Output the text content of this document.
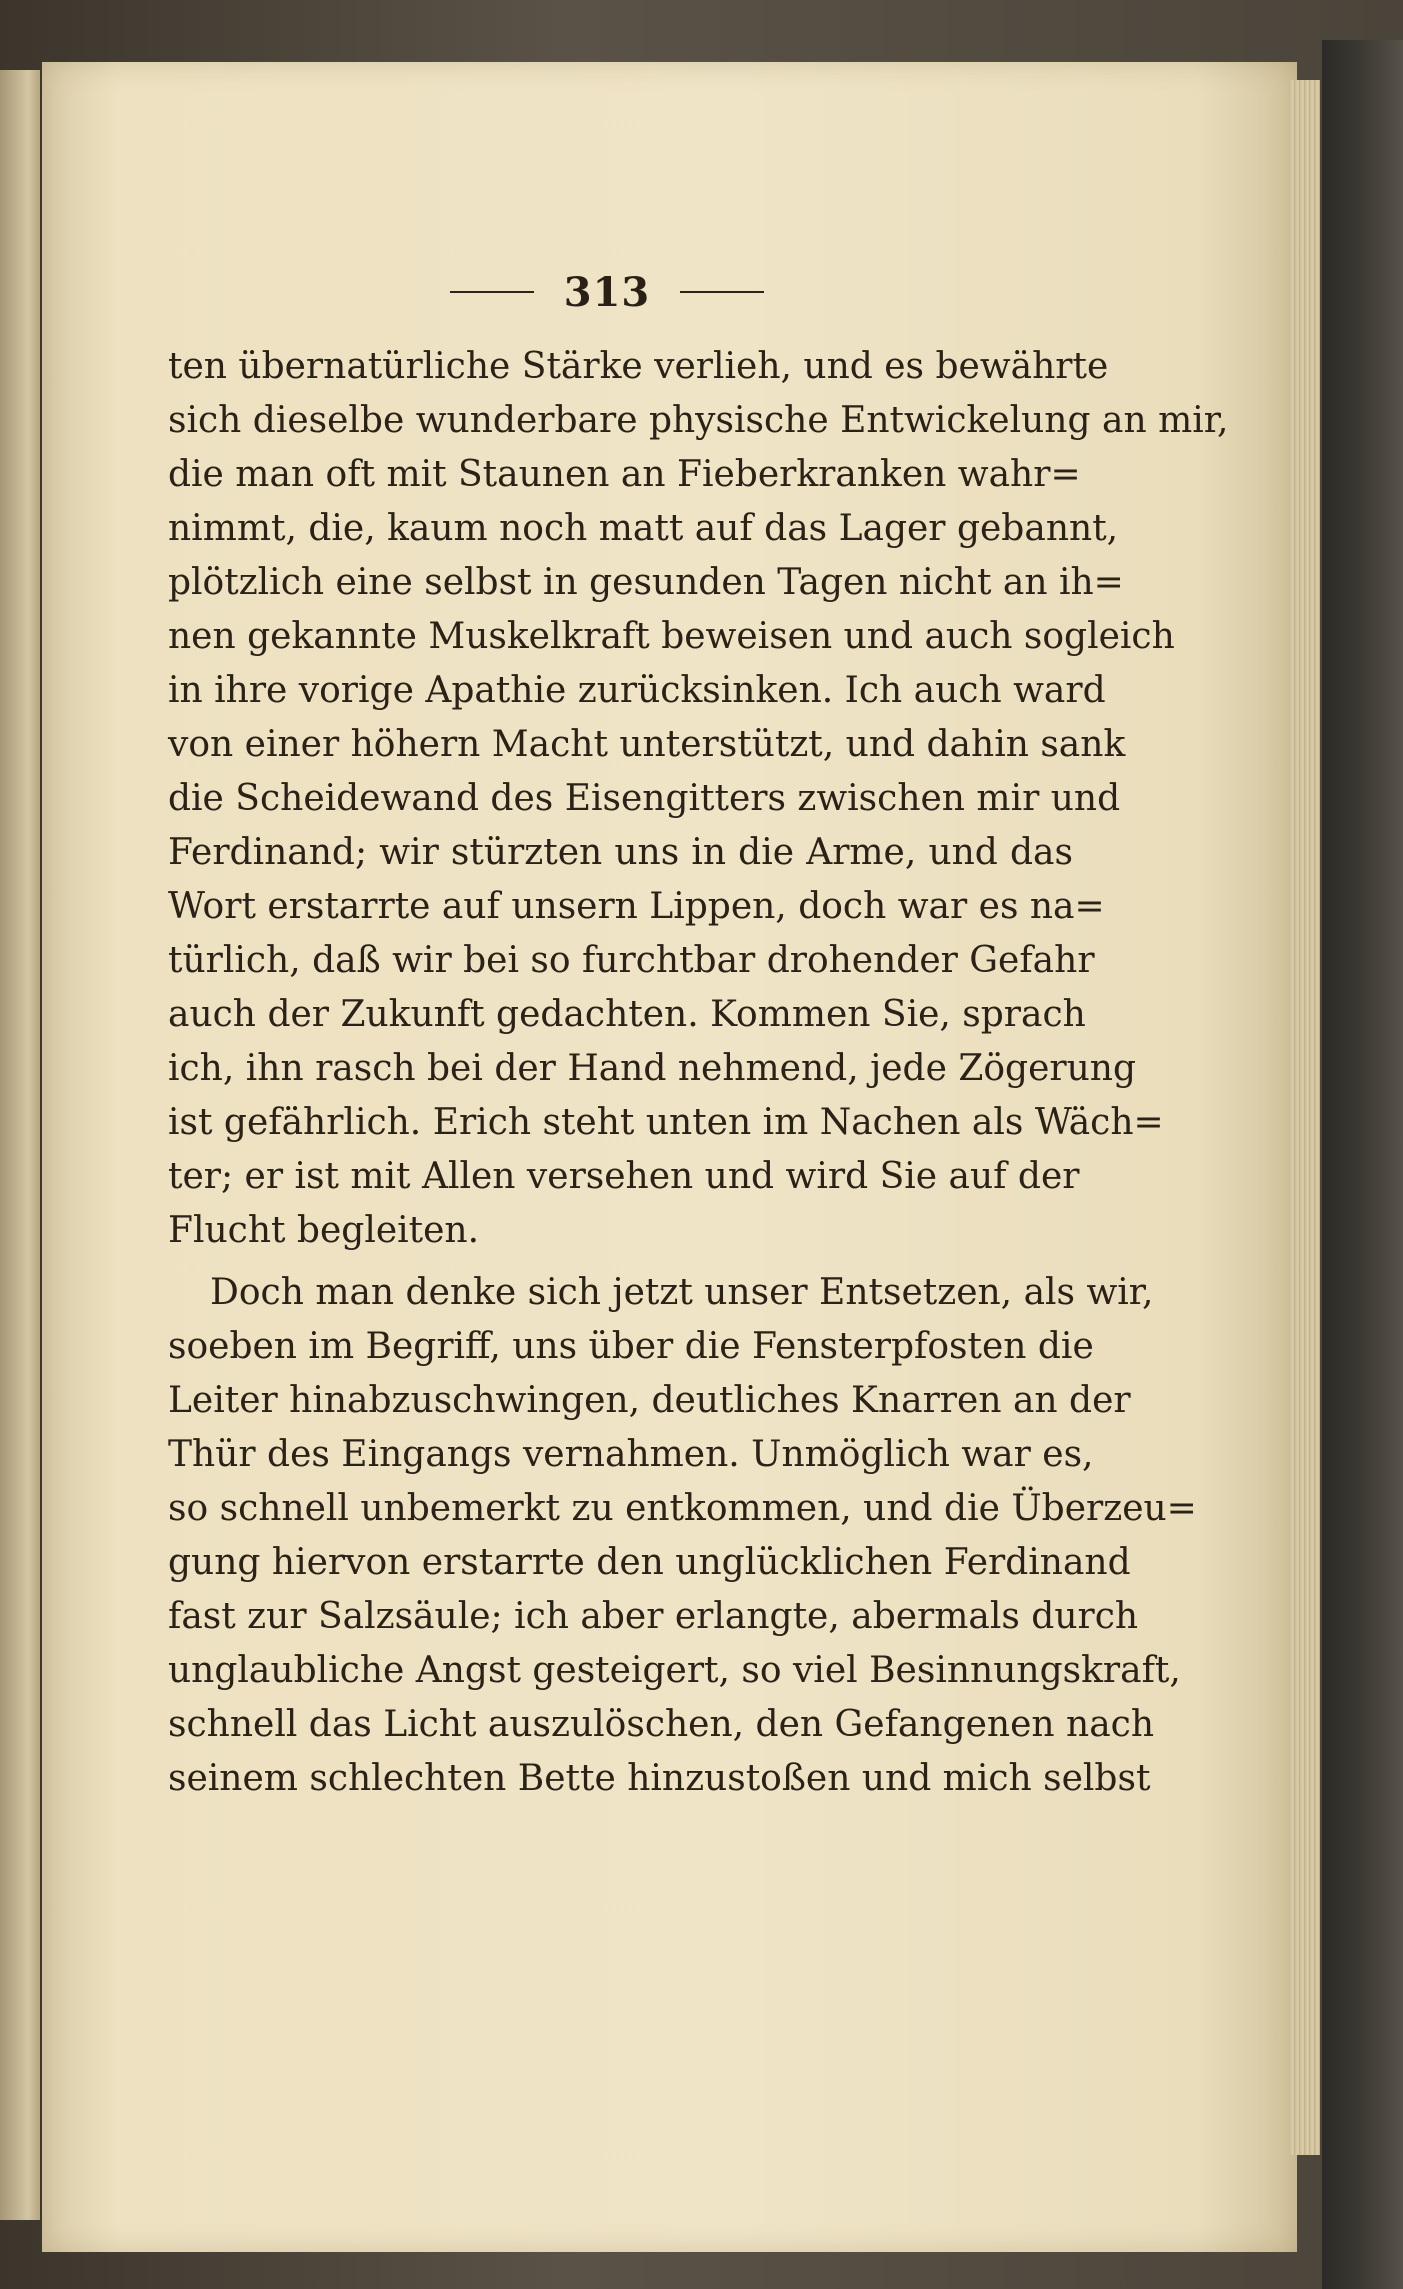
313
ten übernatürliche Stärke verlieh, und es bewährte
sich dieselbe wunderbare physische Entwickelung an mir,
die man oft mit Staunen an Fieberkranken wahr=
nimmt, die, kaum noch matt auf das Lager gebannt,
plötzlich eine selbst in gesunden Tagen nicht an ih=
nen gekannte Muskelkraft beweisen und auch sogleich
in ihre vorige Apathie zurücksinken. Ich auch ward
von einer höhern Macht unterstützt, und dahin sank
die Scheidewand des Eisengitters zwischen mir und
Ferdinand; wir stürzten uns in die Arme, und das
Wort erstarrte auf unsern Lippen, doch war es na=
türlich, daß wir bei so furchtbar drohender Gefahr
auch der Zukunft gedachten. Kommen Sie, sprach
ich, ihn rasch bei der Hand nehmend, jede Zögerung
ist gefährlich. Erich steht unten im Nachen als Wäch=
ter; er ist mit Allen versehen und wird Sie auf der
Flucht begleiten.
Doch man denke sich jetzt unser Entsetzen, als wir,
soeben im Begriff, uns über die Fensterpfosten die
Leiter hinabzuschwingen, deutliches Knarren an der
Thür des Eingangs vernahmen. Unmöglich war es,
so schnell unbemerkt zu entkommen, und die Überzeu=
gung hiervon erstarrte den unglücklichen Ferdinand
fast zur Salzsäule; ich aber erlangte, abermals durch
unglaubliche Angst gesteigert, so viel Besinnungskraft,
schnell das Licht auszulöschen, den Gefangenen nach
seinem schlechten Bette hinzustoßen und mich selbst
